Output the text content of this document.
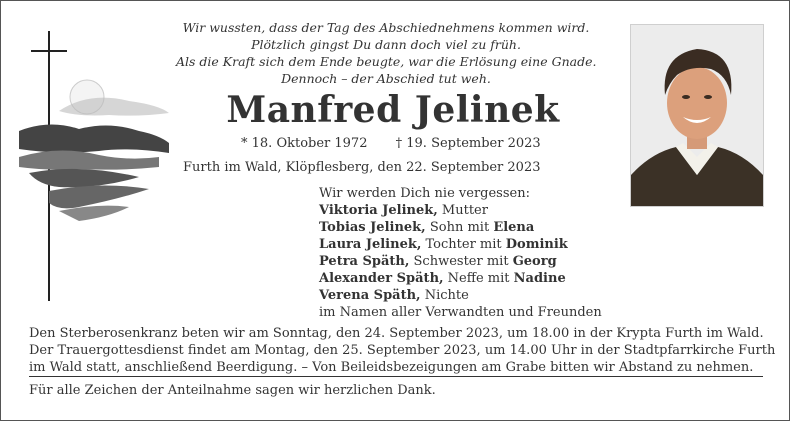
Wir wussten, dass der Tag des Abschiednehmens kommen wird.
Plötzlich gingst Du dann doch viel zu früh.
Als die Kraft sich dem Ende beugte, war die Erlösung eine Gnade.
Dennoch – der Abschied tut weh.
Manfred Jelinek
* 18. Oktober 1972 † 19. September 2023
Furth im Wald, Klöpflesberg, den 22. September 2023
Wir werden Dich nie vergessen:
Viktoria Jelinek, Mutter
Tobias Jelinek, Sohn mit Elena
Laura Jelinek, Tochter mit Dominik
Petra Späth, Schwester mit Georg
Alexander Späth, Neffe mit Nadine
Verena Späth, Nichte
im Namen aller Verwandten und Freunden
Den Sterberosenkranz beten wir am Sonntag, den 24. September 2023, um 18.00 in der Krypta Furth im Wald.
Der Trauergottesdienst findet am Montag, den 25. September 2023, um 14.00 Uhr in der Stadtpfarrkirche Furth
im Wald statt, anschließend Beerdigung. – Von Beileidsbezeigungen am Grabe bitten wir Abstand zu nehmen.
Für alle Zeichen der Anteilnahme sagen wir herzlichen Dank.
